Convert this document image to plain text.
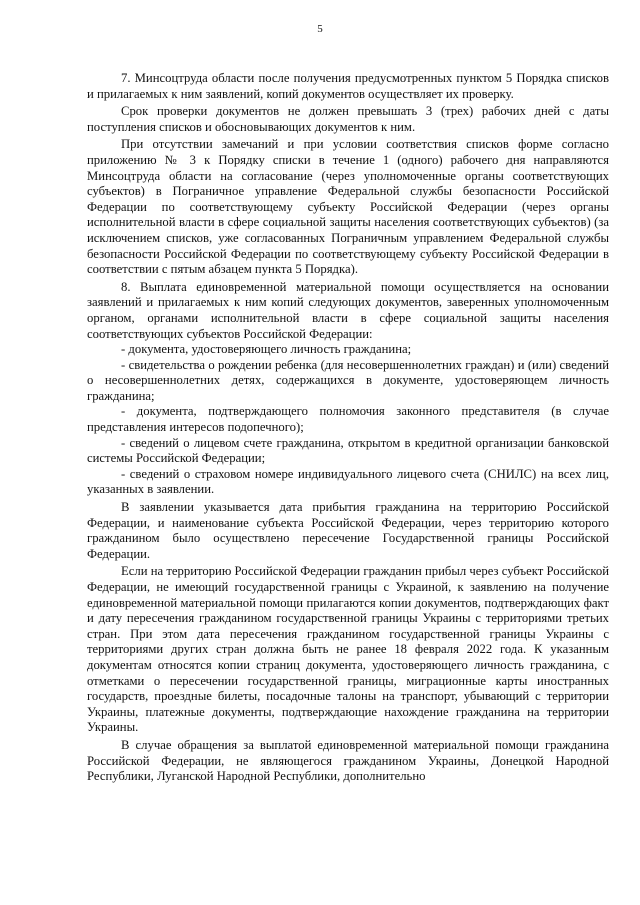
5

7. Минсоцтруда области после получения предусмотренных пунктом 5 Порядка списков и прилагаемых к ним заявлений, копий документов осуществляет их проверку.

Срок проверки документов не должен превышать 3 (трех) рабочих дней с даты поступления списков и обосновывающих документов к ним.

При отсутствии замечаний и при условии соответствия списков форме согласно приложению № 3 к Порядку списки в течение 1 (одного) рабочего дня направляются Минсоцтруда области на согласование (через уполномоченные органы соответствующих субъектов) в Пограничное управление Федеральной службы безопасности Российской Федерации по соответствующему субъекту Российской Федерации (через органы исполнительной власти в сфере социальной защиты населения соответствующих субъектов) (за исключением списков, уже согласованных Пограничным управлением Федеральной службы безопасности Российской Федерации по соответствующему субъекту Российской Федерации в соответствии с пятым абзацем пункта 5 Порядка).

8. Выплата единовременной материальной помощи осуществляется на основании заявлений и прилагаемых к ним копий следующих документов, заверенных уполномоченным органом, органами исполнительной власти в сфере социальной защиты населения соответствующих субъектов Российской Федерации:

- документа, удостоверяющего личность гражданина;

- свидетельства о рождении ребенка (для несовершеннолетних граждан) и (или) сведений о несовершеннолетних детях, содержащихся в документе, удостоверяющем личность гражданина;

- документа, подтверждающего полномочия законного представителя (в случае представления интересов подопечного);

- сведений о лицевом счете гражданина, открытом в кредитной организации банковской системы Российской Федерации;

- сведений о страховом номере индивидуального лицевого счета (СНИЛС) на всех лиц, указанных в заявлении.

В заявлении указывается дата прибытия гражданина на территорию Российской Федерации, и наименование субъекта Российской Федерации, через территорию которого гражданином было осуществлено пересечение Государственной границы Российской Федерации.

Если на территорию Российской Федерации гражданин прибыл через субъект Российской Федерации, не имеющий государственной границы с Украиной, к заявлению на получение единовременной материальной помощи прилагаются копии документов, подтверждающих факт и дату пересечения гражданином государственной границы Украины с территориями третьих стран. При этом дата пересечения гражданином государственной границы Украины с территориями других стран должна быть не ранее 18 февраля 2022 года. К указанным документам относятся копии страниц документа, удостоверяющего личность гражданина, с отметками о пересечении государственной границы, миграционные карты иностранных государств, проездные билеты, посадочные талоны на транспорт, убывающий с территории Украины, платежные документы, подтверждающие нахождение гражданина на территории Украины.

В случае обращения за выплатой единовременной материальной помощи гражданина Российской Федерации, не являющегося гражданином Украины, Донецкой Народной Республики, Луганской Народной Республики, дополнительно
